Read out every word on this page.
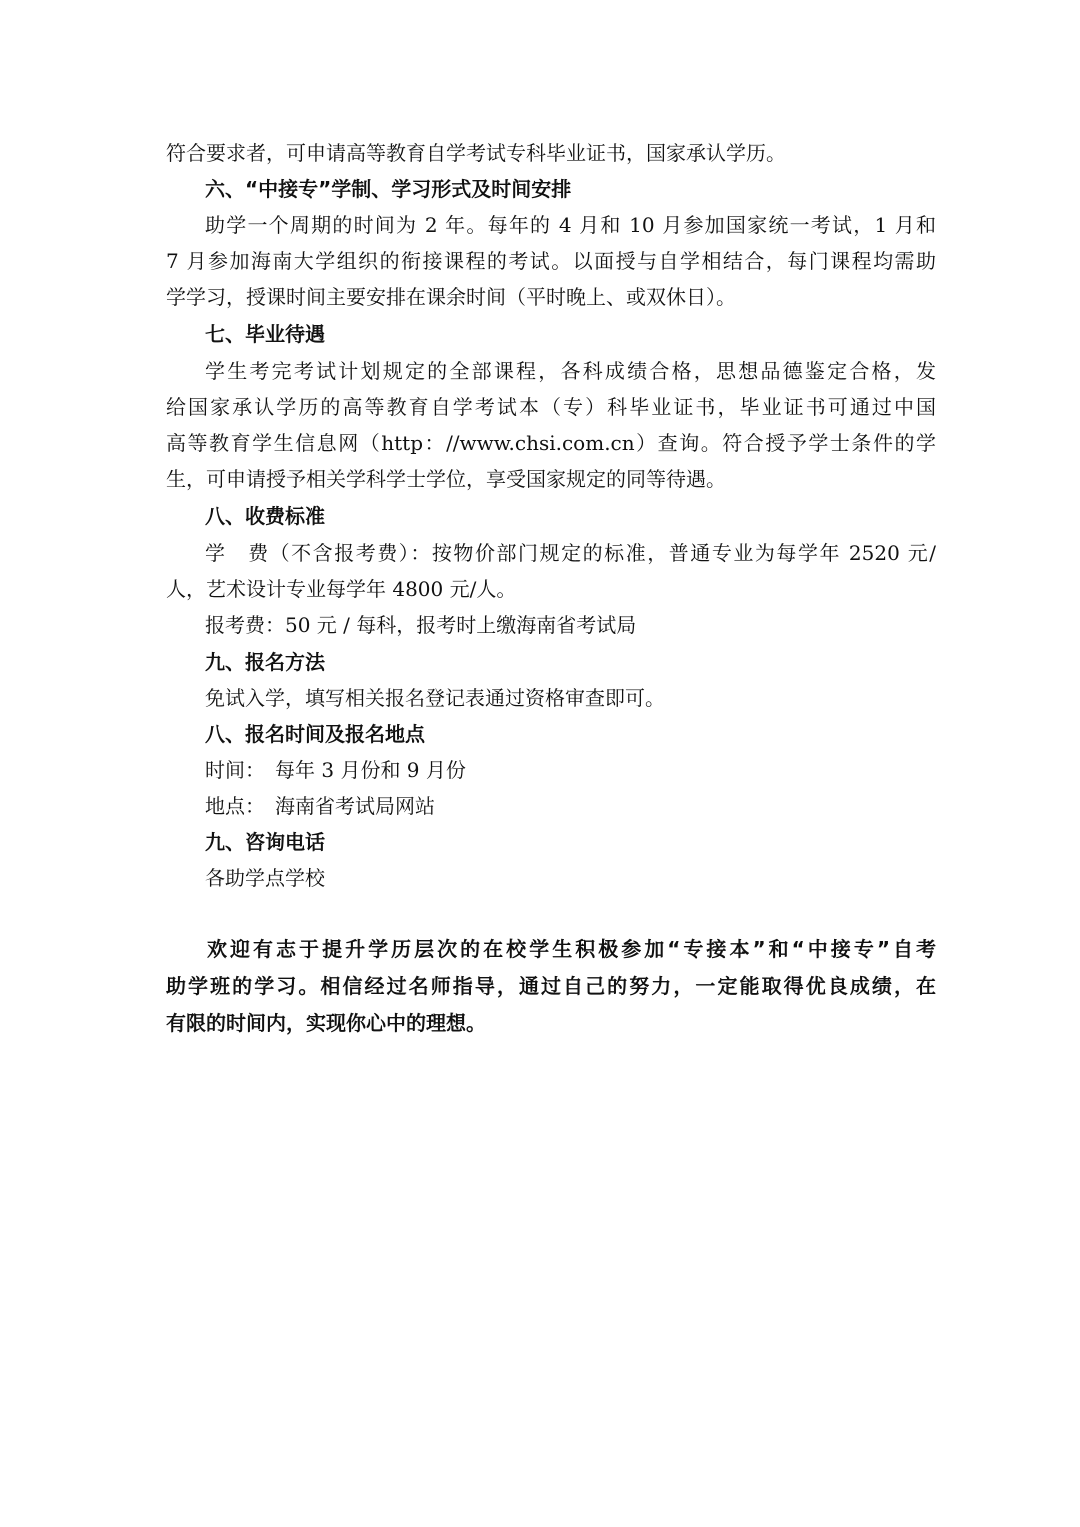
符合要求者，可申请高等教育自学考试专科毕业证书，国家承认学历。
六、“中接专”学制、学习形式及时间安排
助学一个周期的时间为 2 年。每年的 4 月和 10 月参加国家统一考试，1 月和
7 月参加海南大学组织的衔接课程的考试。以面授与自学相结合，每门课程均需助
学学习，授课时间主要安排在课余时间（平时晚上、或双休日）。
七、毕业待遇
学生考完考试计划规定的全部课程，各科成绩合格，思想品德鉴定合格，发
给国家承认学历的高等教育自学考试本（专）科毕业证书，毕业证书可通过中国
高等教育学生信息网（http：//www.chsi.com.cn）查询。符合授予学士条件的学
生，可申请授予相关学科学士学位，享受国家规定的同等待遇。
八、收费标准
学　费（不含报考费）：按物价部门规定的标准，普通专业为每学年 2520 元/
人，艺术设计专业每学年 4800 元/人。
报考费：50 元 / 每科，报考时上缴海南省考试局
九、报名方法
免试入学，填写相关报名登记表通过资格审查即可。
八、报名时间及报名地点
时间：　每年 3 月份和 9 月份
地点：　海南省考试局网站
九、咨询电话
各助学点学校
欢迎有志于提升学历层次的在校学生积极参加“专接本”和“中接专”自考
助学班的学习。相信经过名师指导，通过自己的努力，一定能取得优良成绩，在
有限的时间内，实现你心中的理想。
